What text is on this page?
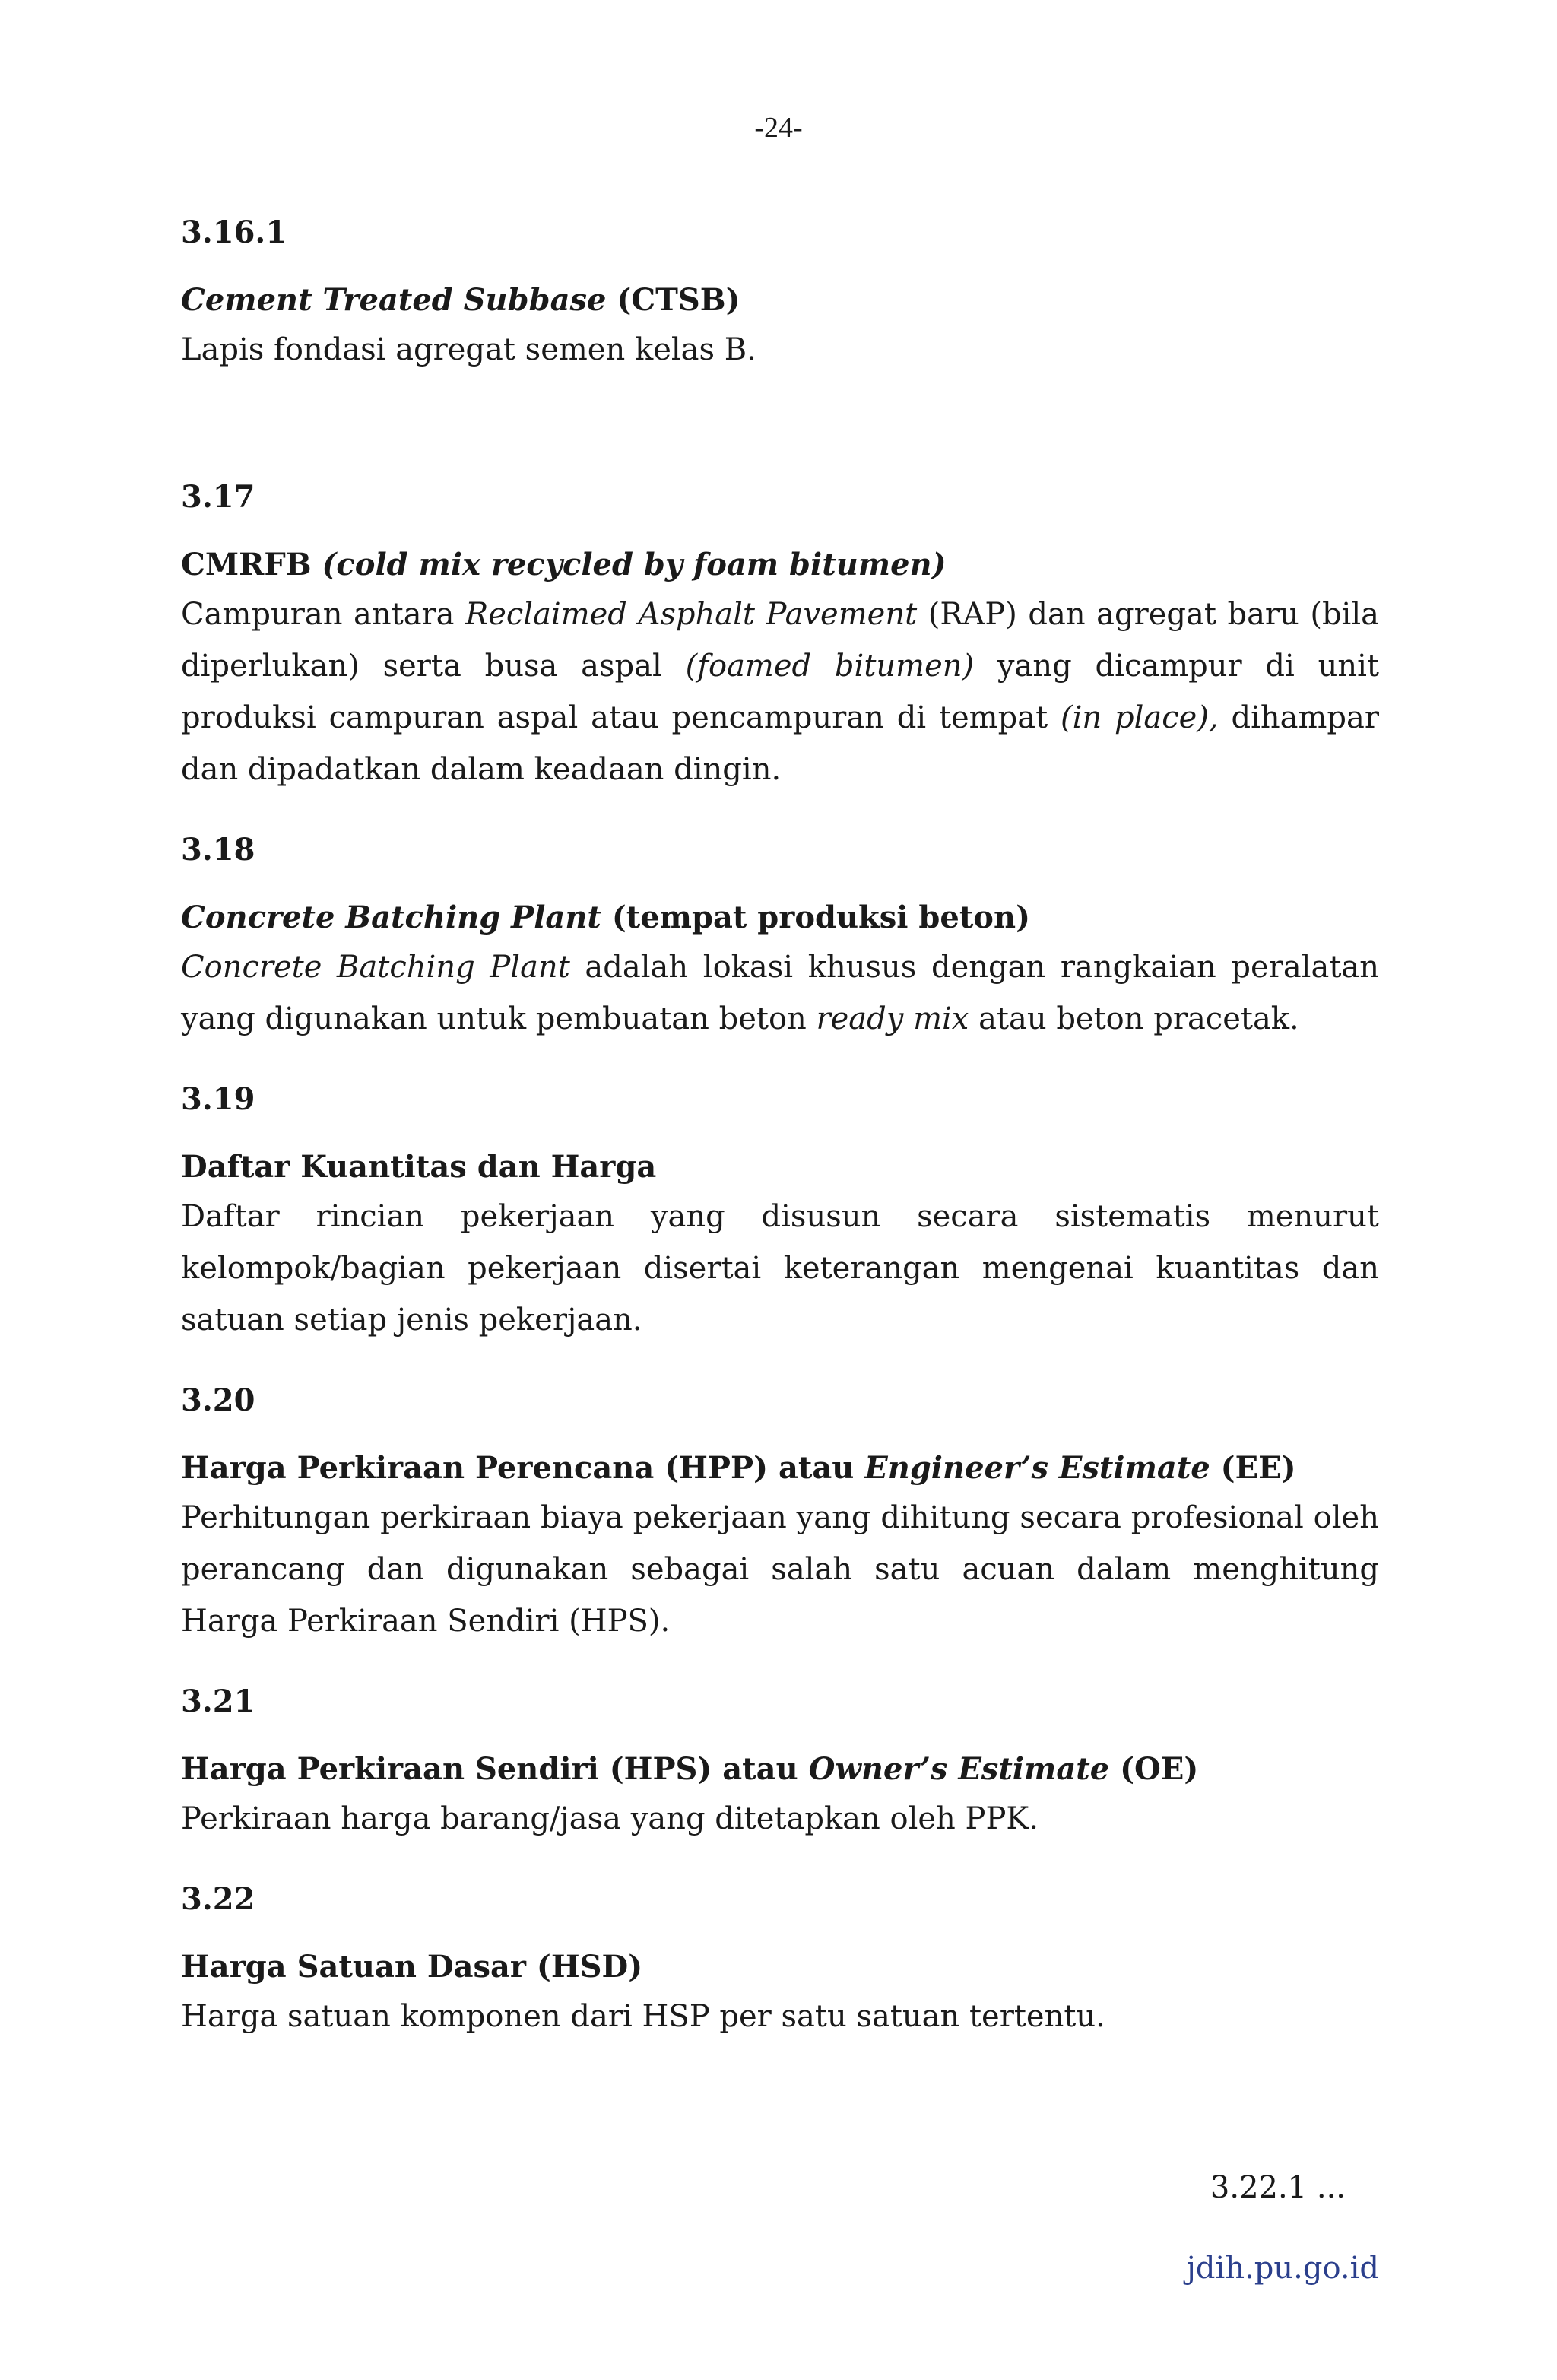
-24-

3.16.1

Cement Treated Subbase (CTSB)

Lapis fondasi agregat semen kelas B.

3.17

CMRFB (cold mix recycled by foam bitumen)

Campuran antara Reclaimed Asphalt Pavement (RAP) dan agregat baru (bila diperlukan) serta busa aspal (foamed bitumen) yang dicampur di unit produksi campuran aspal atau pencampuran di tempat (in place), dihampar dan dipadatkan dalam keadaan dingin.

3.18

Concrete Batching Plant (tempat produksi beton)

Concrete Batching Plant adalah lokasi khusus dengan rangkaian peralatan yang digunakan untuk pembuatan beton ready mix atau beton pracetak.

3.19

Daftar Kuantitas dan Harga

Daftar rincian pekerjaan yang disusun secara sistematis menurut kelompok/bagian pekerjaan disertai keterangan mengenai kuantitas dan satuan setiap jenis pekerjaan.

3.20

Harga Perkiraan Perencana (HPP) atau Engineer’s Estimate (EE)

Perhitungan perkiraan biaya pekerjaan yang dihitung secara profesional oleh perancang dan digunakan sebagai salah satu acuan dalam menghitung Harga Perkiraan Sendiri (HPS).

3.21

Harga Perkiraan Sendiri (HPS) atau Owner’s Estimate (OE)

Perkiraan harga barang/jasa yang ditetapkan oleh PPK.

3.22

Harga Satuan Dasar (HSD)

Harga satuan komponen dari HSP per satu satuan tertentu.

3.22.1 ...
jdih.pu.go.id
